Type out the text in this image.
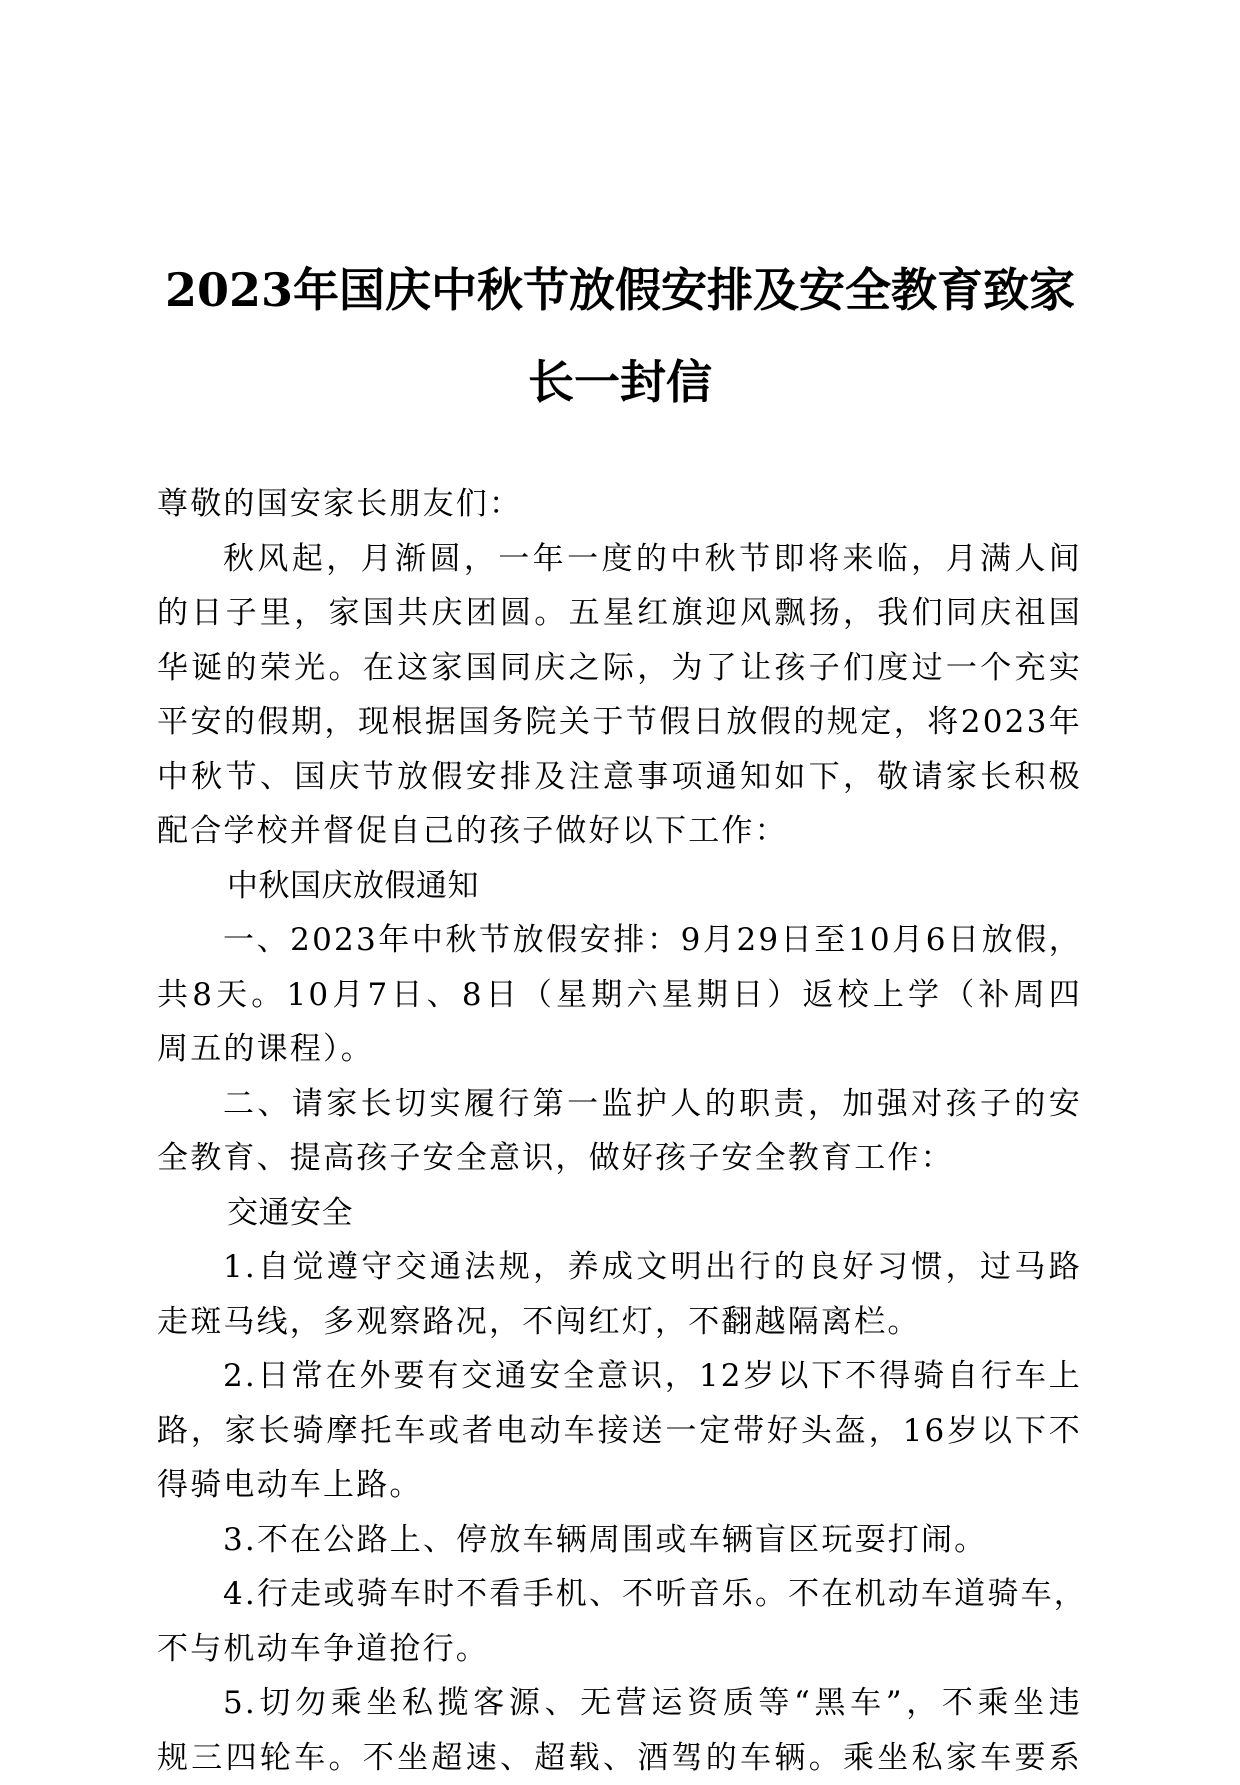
2023年国庆中秋节放假安排及安全教育致家
长一封信
尊敬的国安家长朋友们：
秋风起，月渐圆，一年一度的中秋节即将来临，月满人间
的日子里，家国共庆团圆。五星红旗迎风飘扬，我们同庆祖国
华诞的荣光。在这家国同庆之际，为了让孩子们度过一个充实
平安的假期，现根据国务院关于节假日放假的规定，将2023年
中秋节、国庆节放假安排及注意事项通知如下，敬请家长积极
配合学校并督促自己的孩子做好以下工作：
中秋国庆放假通知
一、2023年中秋节放假安排：9月29日至10月6日放假，
共8天。10月7日、8日（星期六星期日）返校上学（补周四
周五的课程）。
二、请家长切实履行第一监护人的职责，加强对孩子的安
全教育、提高孩子安全意识，做好孩子安全教育工作：
交通安全
1.自觉遵守交通法规，养成文明出行的良好习惯，过马路
走斑马线，多观察路况，不闯红灯，不翻越隔离栏。
2.日常在外要有交通安全意识，12岁以下不得骑自行车上
路，家长骑摩托车或者电动车接送一定带好头盔，16岁以下不
得骑电动车上路。
3.不在公路上、停放车辆周围或车辆盲区玩耍打闹。
4.行走或骑车时不看手机、不听音乐。不在机动车道骑车，
不与机动车争道抢行。
5.切勿乘坐私揽客源、无营运资质等“黑车”，不乘坐违
规三四轮车。不坐超速、超载、酒驾的车辆。乘坐私家车要系
